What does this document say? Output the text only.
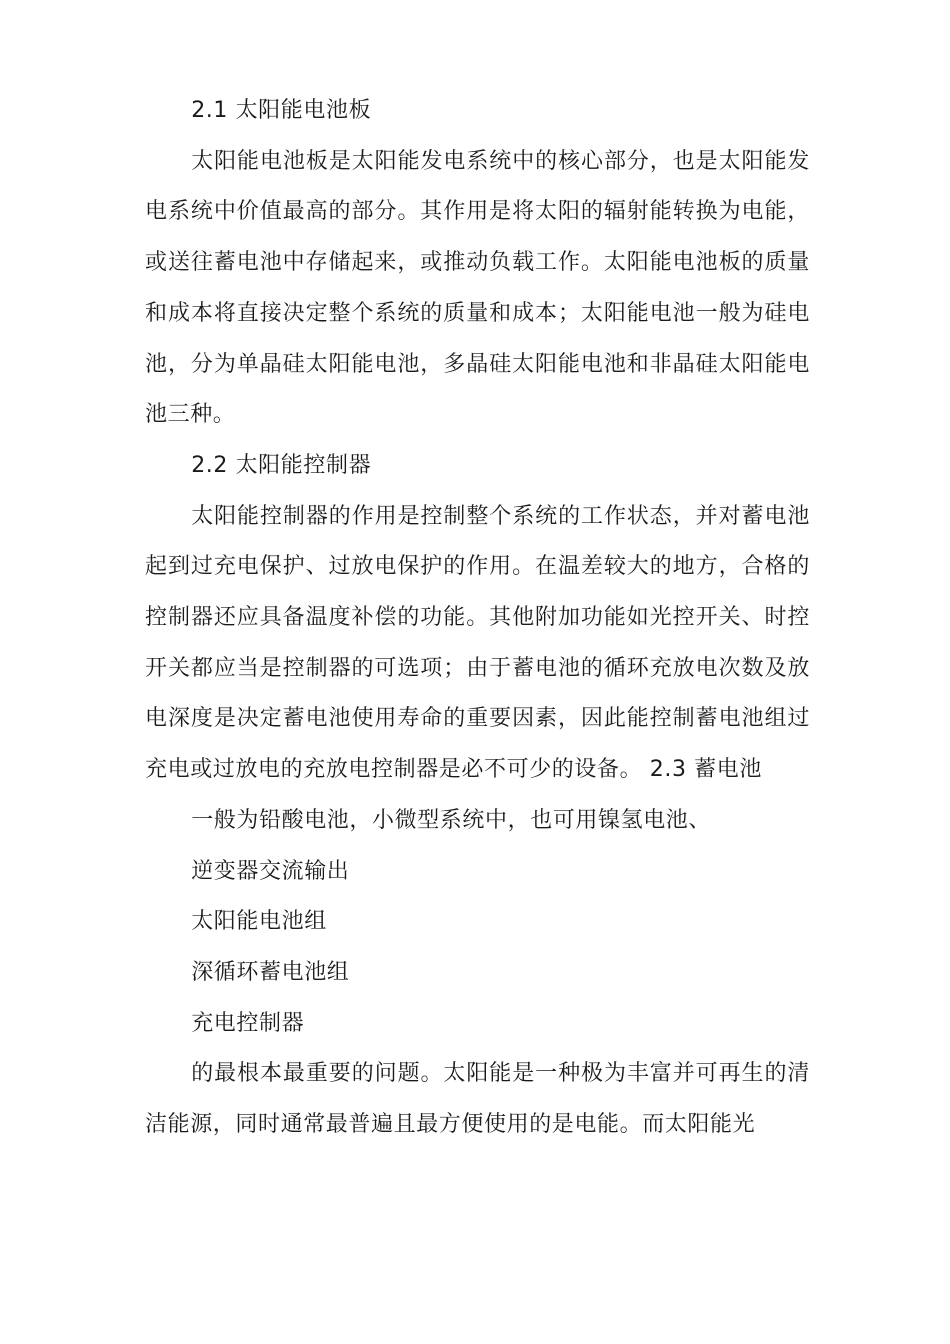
2.1 太阳能电池板

太阳能电池板是太阳能发电系统中的核心部分，也是太阳能发电系统中价值最高的部分。其作用是将太阳的辐射能转换为电能，或送往蓄电池中存储起来，或推动负载工作。太阳能电池板的质量和成本将直接决定整个系统的质量和成本；太阳能电池一般为硅电池，分为单晶硅太阳能电池，多晶硅太阳能电池和非晶硅太阳能电池三种。

2.2 太阳能控制器

太阳能控制器的作用是控制整个系统的工作状态，并对蓄电池起到过充电保护、过放电保护的作用。在温差较大的地方，合格的控制器还应具备温度补偿的功能。其他附加功能如光控开关、时控开关都应当是控制器的可选项；由于蓄电池的循环充放电次数及放电深度是决定蓄电池使用寿命的重要因素，因此能控制蓄电池组过充电或过放电的充放电控制器是必不可少的设备。 2.3 蓄电池

一般为铅酸电池，小微型系统中，也可用镍氢电池、

逆变器交流输出

太阳能电池组

深循环蓄电池组

充电控制器

的最根本最重要的问题。太阳能是一种极为丰富并可再生的清洁能源，同时通常最普遍且最方便使用的是电能。而太阳能光
